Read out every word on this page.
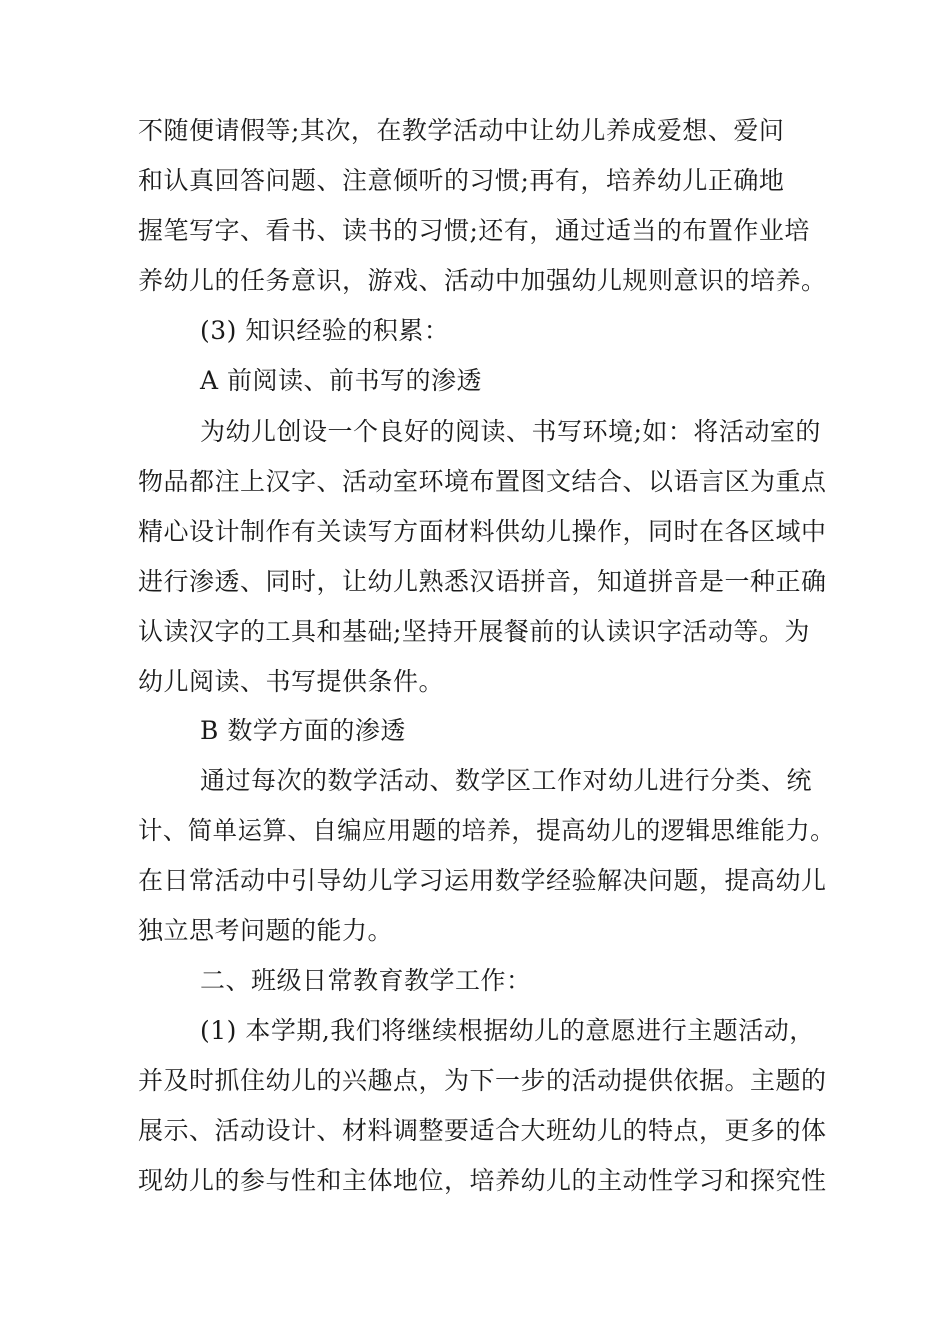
不随便请假等;其次，在教学活动中让幼儿养成爱想、爱问
和认真回答问题、注意倾听的习惯;再有，培养幼儿正确地
握笔写字、看书、读书的习惯;还有，通过适当的布置作业培
养幼儿的任务意识，游戏、活动中加强幼儿规则意识的培养。
(3) 知识经验的积累：
A 前阅读、前书写的渗透
为幼儿创设一个良好的阅读、书写环境;如：将活动室的
物品都注上汉字、活动室环境布置图文结合、以语言区为重点
精心设计制作有关读写方面材料供幼儿操作，同时在各区域中
进行渗透、同时，让幼儿熟悉汉语拼音，知道拼音是一种正确
认读汉字的工具和基础;坚持开展餐前的认读识字活动等。为
幼儿阅读、书写提供条件。
B 数学方面的渗透
通过每次的数学活动、数学区工作对幼儿进行分类、统
计、简单运算、自编应用题的培养，提高幼儿的逻辑思维能力。
在日常活动中引导幼儿学习运用数学经验解决问题，提高幼儿
独立思考问题的能力。
二、班级日常教育教学工作：
(1) 本学期,我们将继续根据幼儿的意愿进行主题活动，
并及时抓住幼儿的兴趣点，为下一步的活动提供依据。主题的
展示、活动设计、材料调整要适合大班幼儿的特点，更多的体
现幼儿的参与性和主体地位，培养幼儿的主动性学习和探究性
